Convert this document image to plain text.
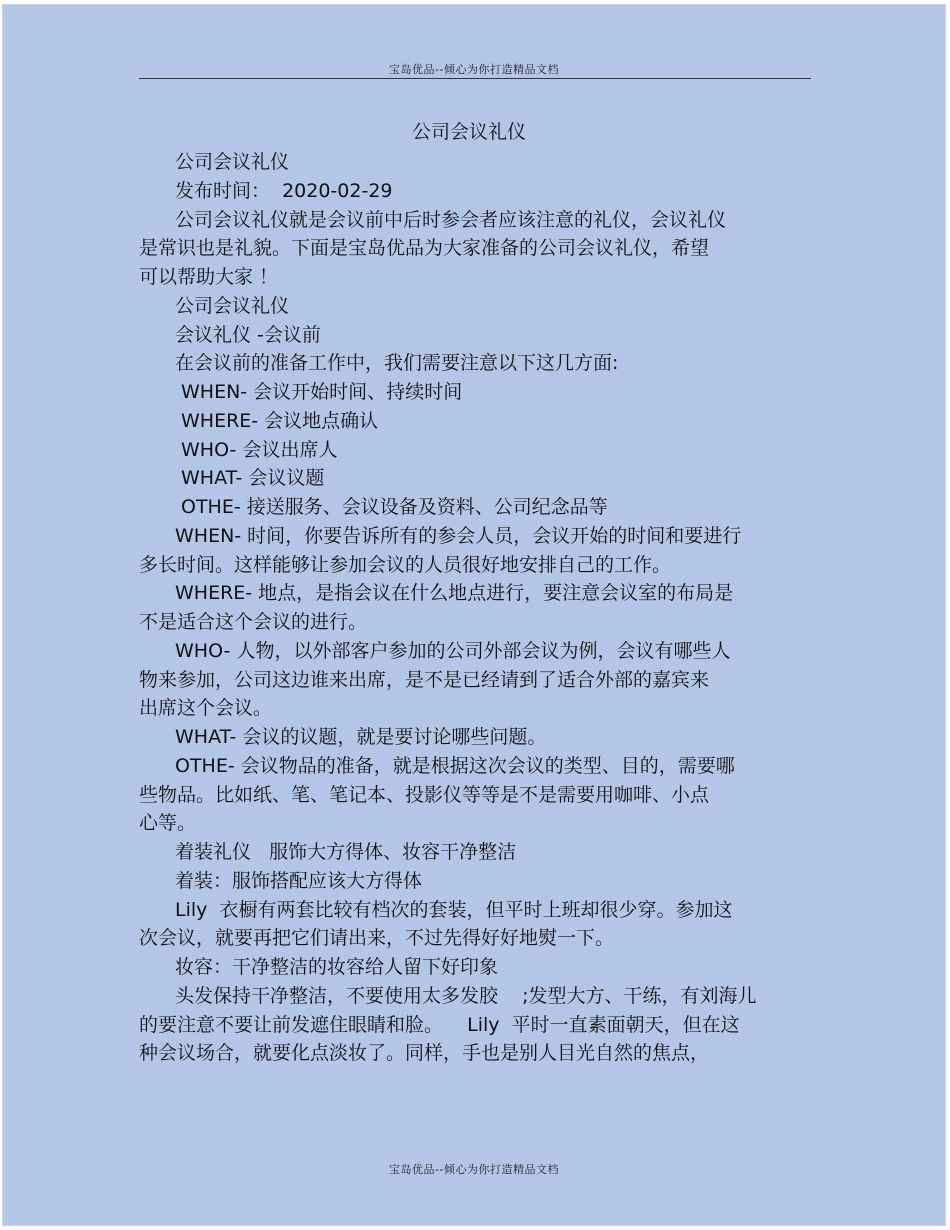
宝岛优品--倾心为你打造精品文档
公司会议礼仪
公司会议礼仪
发布时间：  2020-02-29
公司会议礼仪就是会议前中后时参会者应该注意的礼仪，会议礼仪
是常识也是礼貌。下面是宝岛优品为大家准备的公司会议礼仪，希望
可以帮助大家 ！
公司会议礼仪
会议礼仪 -会议前
在会议前的准备工作中，我们需要注意以下这几方面:
WHEN- 会议开始时间、持续时间
WHERE- 会议地点确认
WHO- 会议出席人
WHAT- 会议议题
OTHE- 接送服务、会议设备及资料、公司纪念品等
WHEN- 时间，你要告诉所有的参会人员，会议开始的时间和要进行
多长时间。这样能够让参加会议的人员很好地安排自己的工作。
WHERE- 地点，是指会议在什么地点进行，要注意会议室的布局是
不是适合这个会议的进行。
WHO- 人物，以外部客户参加的公司外部会议为例，会议有哪些人
物来参加，公司这边谁来出席，是不是已经请到了适合外部的嘉宾来
出席这个会议。
WHAT- 会议的议题，就是要讨论哪些问题。
OTHE- 会议物品的准备，就是根据这次会议的类型、目的，需要哪
些物品。比如纸、笔、笔记本、投影仪等等是不是需要用咖啡、小点
心等。
着装礼仪   服饰大方得体、妆容干净整洁
着装：服饰搭配应该大方得体
Lily  衣橱有两套比较有档次的套装，但平时上班却很少穿。参加这
次会议，就要再把它们请出来，不过先得好好地熨一下。
妆容：干净整洁的妆容给人留下好印象
头发保持干净整洁，不要使用太多发胶    ;发型大方、干练，有刘海儿
的要注意不要让前发遮住眼睛和脸。    Lily  平时一直素面朝天，但在这
种会议场合，就要化点淡妆了。同样，手也是别人目光自然的焦点，
宝岛优品--倾心为你打造精品文档
